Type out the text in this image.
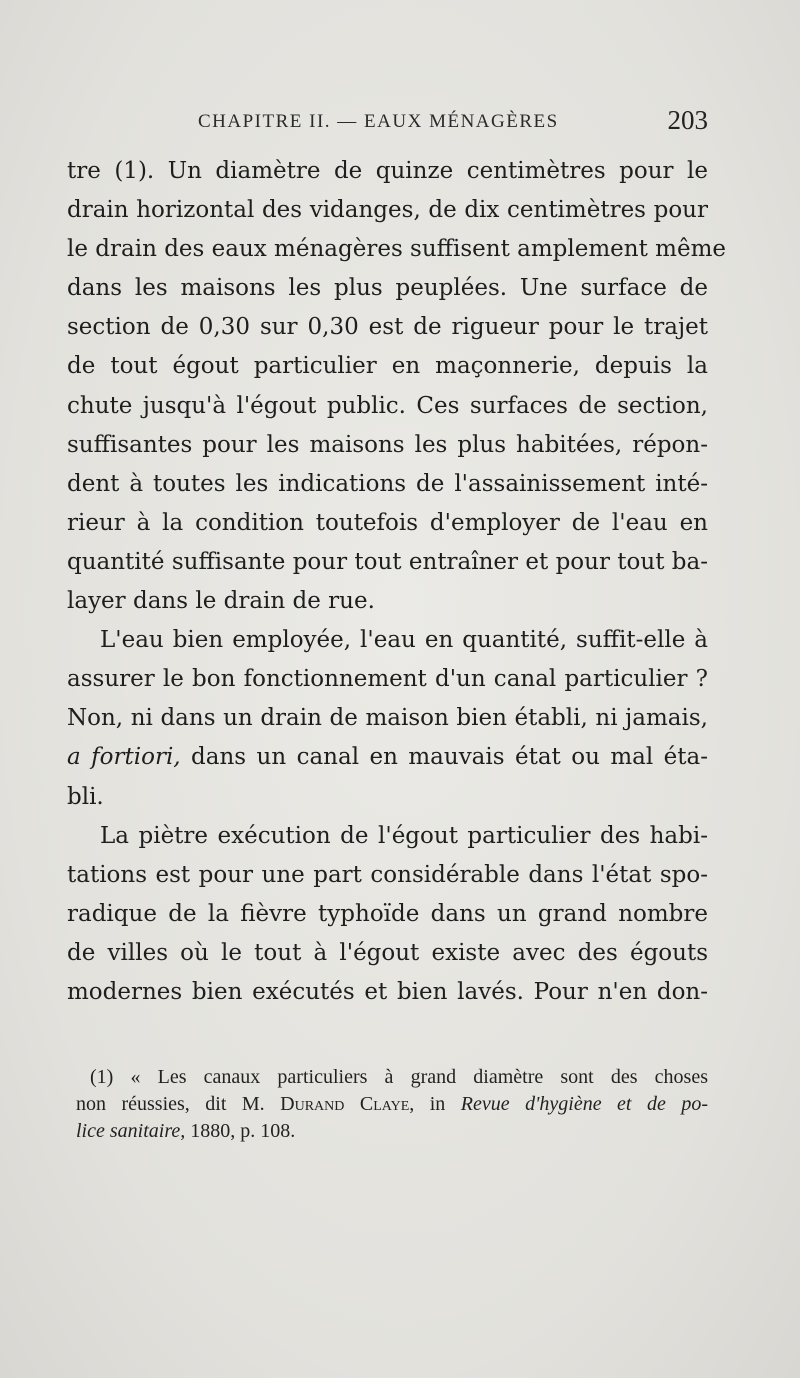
CHAPITRE II. — EAUX MÉNAGÈRES	203
tre (1). Un diamètre de quinze centimètres pour le
drain horizontal des vidanges, de dix centimètres pour
le drain des eaux ménagères suffisent amplement même
dans les maisons les plus peuplées. Une surface de
section de 0,30 sur 0,30 est de rigueur pour le trajet
de tout égout particulier en maçonnerie, depuis la
chute jusqu'à l'égout public. Ces surfaces de section,
suffisantes pour les maisons les plus habitées, répon-
dent à toutes les indications de l'assainissement inté-
rieur à la condition toutefois d'employer de l'eau en
quantité suffisante pour tout entraîner et pour tout ba-
layer dans le drain de rue.
L'eau bien employée, l'eau en quantité, suffit-elle à
assurer le bon fonctionnement d'un canal particulier ?
Non, ni dans un drain de maison bien établi, ni jamais,
a fortiori, dans un canal en mauvais état ou mal éta-
bli.
La piètre exécution de l'égout particulier des habi-
tations est pour une part considérable dans l'état spo-
radique de la fièvre typhoïde dans un grand nombre
de villes où le tout à l'égout existe avec des égouts
modernes bien exécutés et bien lavés. Pour n'en don-
(1) « Les canaux particuliers à grand diamètre sont des choses
non réussies, dit M. Durand Claye, in Revue d'hygiène et de po-
lice sanitaire, 1880, p. 108.
